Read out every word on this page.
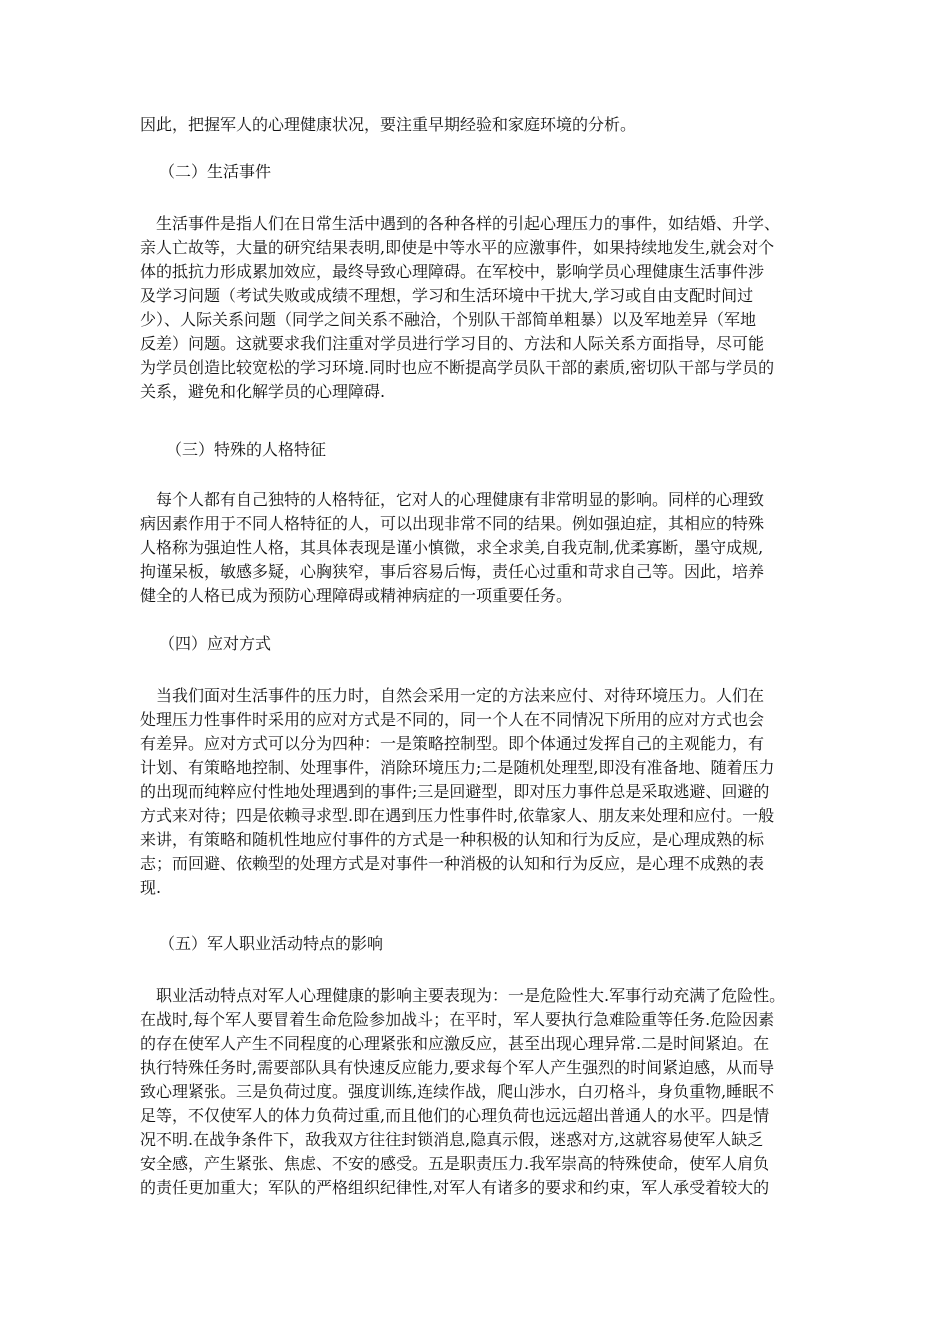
因此，把握军人的心理健康状况，要注重早期经验和家庭环境的分析。
（二）生活事件
　生活事件是指人们在日常生活中遇到的各种各样的引起心理压力的事件，如结婚、升学、
亲人亡故等，大量的研究结果表明,即使是中等水平的应激事件，如果持续地发生,就会对个
体的抵抗力形成累加效应，最终导致心理障碍。在军校中，影响学员心理健康生活事件涉
及学习问题（考试失败或成绩不理想，学习和生活环境中干扰大,学习或自由支配时间过
少）、人际关系问题（同学之间关系不融洽，个别队干部简单粗暴）以及军地差异（军地
反差）问题。这就要求我们注重对学员进行学习目的、方法和人际关系方面指导，尽可能
为学员创造比较宽松的学习环境.同时也应不断提高学员队干部的素质,密切队干部与学员的
关系，避免和化解学员的心理障碍.
（三）特殊的人格特征
　每个人都有自己独特的人格特征，它对人的心理健康有非常明显的影响。同样的心理致
病因素作用于不同人格特征的人，可以出现非常不同的结果。例如强迫症，其相应的特殊
人格称为强迫性人格，其具体表现是谨小慎微，求全求美,自我克制,优柔寡断，墨守成规,
拘谨呆板，敏感多疑，心胸狭窄，事后容易后悔，责任心过重和苛求自己等。因此，培养
健全的人格已成为预防心理障碍或精神病症的一项重要任务。
（四）应对方式
　当我们面对生活事件的压力时，自然会采用一定的方法来应付、对待环境压力。人们在
处理压力性事件时采用的应对方式是不同的，同一个人在不同情况下所用的应对方式也会
有差异。应对方式可以分为四种：一是策略控制型。即个体通过发挥自己的主观能力，有
计划、有策略地控制、处理事件，消除环境压力;二是随机处理型,即没有准备地、随着压力
的出现而纯粹应付性地处理遇到的事件;三是回避型，即对压力事件总是采取逃避、回避的
方式来对待；四是依赖寻求型.即在遇到压力性事件时,依靠家人、朋友来处理和应付。一般
来讲，有策略和随机性地应付事件的方式是一种积极的认知和行为反应，是心理成熟的标
志；而回避、依赖型的处理方式是对事件一种消极的认知和行为反应，是心理不成熟的表
现.
（五）军人职业活动特点的影响
　职业活动特点对军人心理健康的影响主要表现为：一是危险性大.军事行动充满了危险性。
在战时,每个军人要冒着生命危险参加战斗；在平时，军人要执行急难险重等任务.危险因素
的存在使军人产生不同程度的心理紧张和应激反应，甚至出现心理异常.二是时间紧迫。在
执行特殊任务时,需要部队具有快速反应能力,要求每个军人产生强烈的时间紧迫感，从而导
致心理紧张。三是负荷过度。强度训练,连续作战，爬山涉水，白刃格斗，身负重物,睡眠不
足等，不仅使军人的体力负荷过重,而且他们的心理负荷也远远超出普通人的水平。四是情
况不明.在战争条件下，敌我双方往往封锁消息,隐真示假，迷惑对方,这就容易使军人缺乏
安全感，产生紧张、焦虑、不安的感受。五是职责压力.我军崇高的特殊使命，使军人肩负
的责任更加重大；军队的严格组织纪律性,对军人有诸多的要求和约束，军人承受着较大的
